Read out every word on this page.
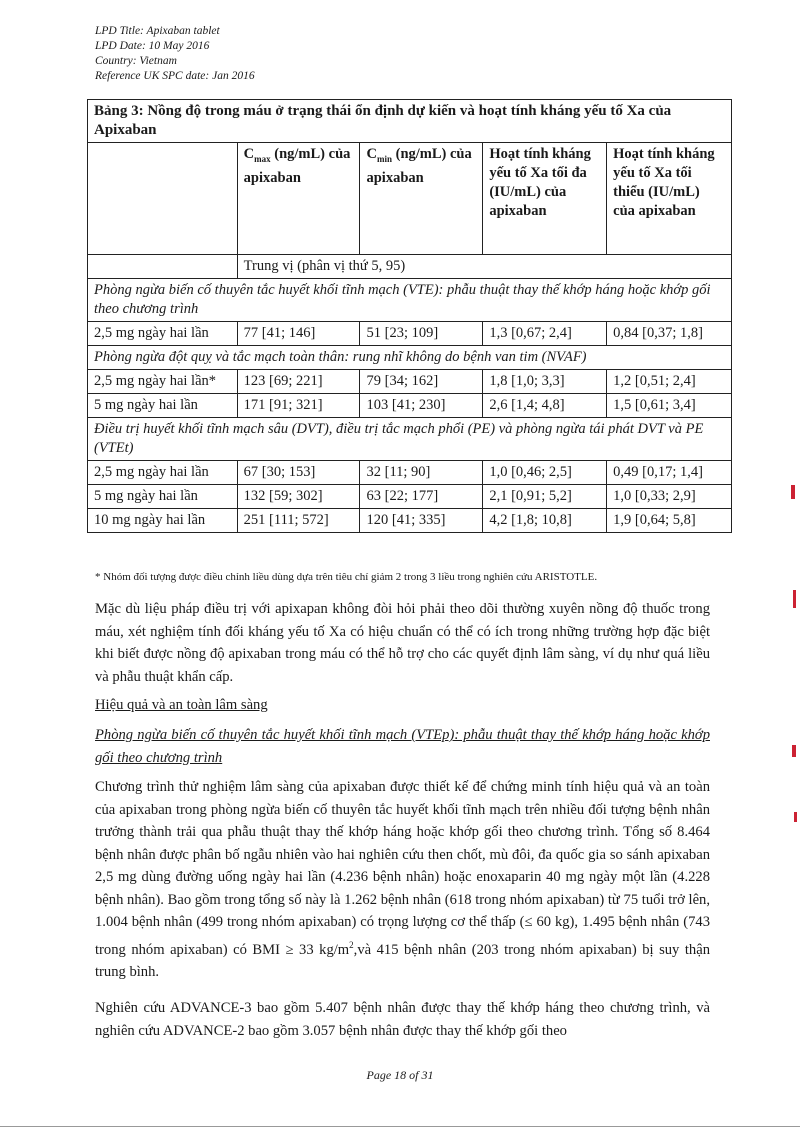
LPD Title: Apixaban tablet
LPD Date: 10 May 2016
Country: Vietnam
Reference UK SPC date: Jan 2016
Bảng 3: Nồng độ trong máu ở trạng thái ổn định dự kiến và hoạt tính kháng yếu tố Xa của Apixaban				
	$C_{max}$ (ng/mL) của apixaban	$C_{min}$ (ng/mL) của apixaban	Hoạt tính kháng yếu tố Xa tối đa (IU/mL) của apixaban	Hoạt tính kháng yếu tố Xa tối thiểu (IU/mL) của apixaban
	Trung vị (phân vị thứ 5, 95)			
Phòng ngừa biến cố thuyên tắc huyết khối tĩnh mạch (VTE): phẫu thuật thay thế khớp háng hoặc khớp gối theo chương trình				
2,5 mg ngày hai lần	77 [41; 146]	51 [23; 109]	1,3 [0,67; 2,4]	0,84 [0,37; 1,8]
Phòng ngừa đột quỵ và tắc mạch toàn thân: rung nhĩ không do bệnh van tim (NVAF)				
2,5 mg ngày hai lần*	123 [69; 221]	79 [34; 162]	1,8 [1,0; 3,3]	1,2 [0,51; 2,4]
5 mg ngày hai lần	171 [91; 321]	103 [41; 230]	2,6 [1,4; 4,8]	1,5 [0,61; 3,4]
Điều trị huyết khối tĩnh mạch sâu (DVT), điều trị tắc mạch phổi (PE) và phòng ngừa tái phát DVT và PE (VTEt)				
2,5 mg ngày hai lần	67 [30; 153]	32 [11; 90]	1,0 [0,46; 2,5]	0,49 [0,17; 1,4]
5 mg ngày hai lần	132 [59; 302]	63 [22; 177]	2,1 [0,91; 5,2]	1,0 [0,33; 2,9]
10 mg ngày hai lần	251 [111; 572]	120 [41; 335]	4,2 [1,8; 10,8]	1,9 [0,64; 5,8]
* Nhóm đối tượng được điều chỉnh liều dùng dựa trên tiêu chí giảm 2 trong 3 liều trong nghiên cứu ARISTOTLE.

Mặc dù liệu pháp điều trị với apixapan không đòi hỏi phải theo dõi thường xuyên nồng độ thuốc trong máu, xét nghiệm tính đối kháng yếu tố Xa có hiệu chuẩn có thể có ích trong những trường hợp đặc biệt khi biết được nồng độ apixaban trong máu có thể hỗ trợ cho các quyết định lâm sàng, ví dụ như quá liều và phẫu thuật khẩn cấp.

Hiệu quả và an toàn lâm sàng

Phòng ngừa biến cố thuyên tắc huyết khối tĩnh mạch (VTEp): phẫu thuật thay thế khớp háng hoặc khớp gối theo chương trình

Chương trình thử nghiệm lâm sàng của apixaban được thiết kế để chứng minh tính hiệu quả và an toàn của apixaban trong phòng ngừa biến cố thuyên tắc huyết khối tĩnh mạch trên nhiều đối tượng bệnh nhân trưởng thành trải qua phẫu thuật thay thế khớp háng hoặc khớp gối theo chương trình. Tổng số 8.464 bệnh nhân được phân bố ngẫu nhiên vào hai nghiên cứu then chốt, mù đôi, đa quốc gia so sánh apixaban 2,5 mg dùng đường uống ngày hai lần (4.236 bệnh nhân) hoặc enoxaparin 40 mg ngày một lần (4.228 bệnh nhân). Bao gồm trong tổng số này là 1.262 bệnh nhân (618 trong nhóm apixaban) từ 75 tuổi trở lên, 1.004 bệnh nhân (499 trong nhóm apixaban) có trọng lượng cơ thể thấp (≤ 60 kg), 1.495 bệnh nhân (743 trong nhóm apixaban) có BMI ≥ 33 $kg/m^2,và$ 415 bệnh nhân (203 trong nhóm apixaban) bị suy thận trung bình.

Nghiên cứu ADVANCE-3 bao gồm 5.407 bệnh nhân được thay thế khớp háng theo chương trình, và nghiên cứu ADVANCE-2 bao gồm 3.057 bệnh nhân được thay thế khớp gối theo

Page 18 of 31
